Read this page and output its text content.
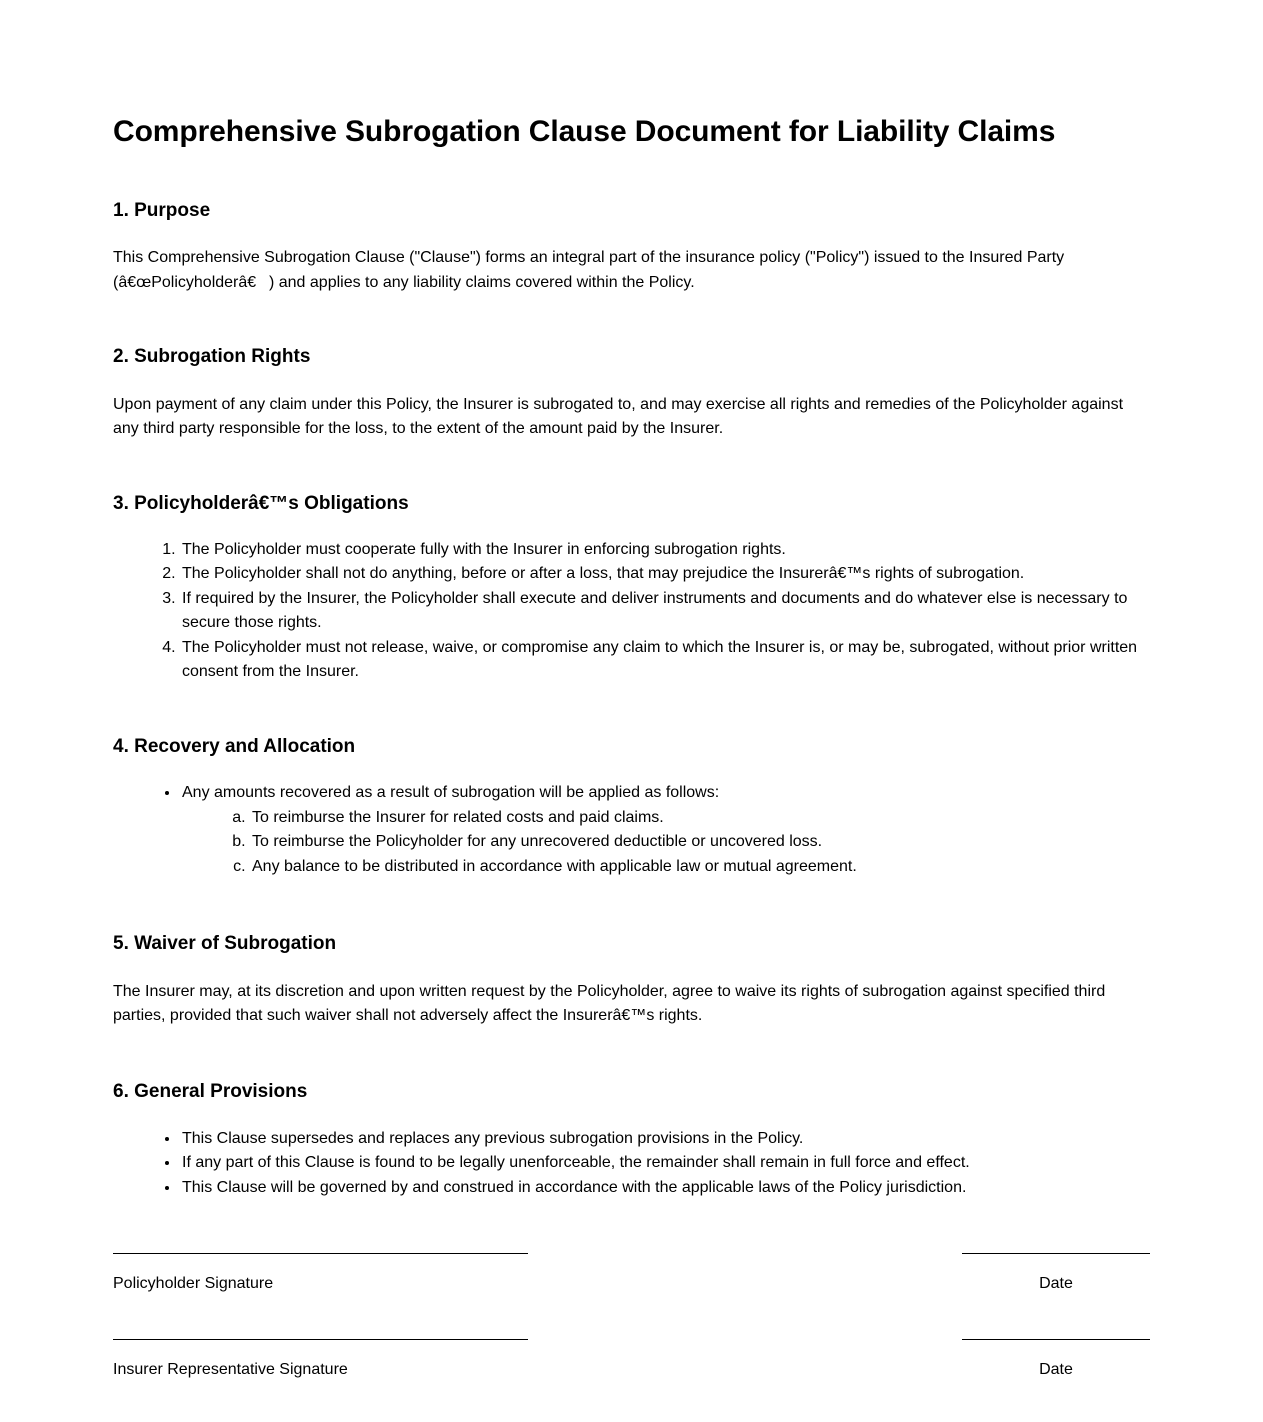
Comprehensive Subrogation Clause Document for Liability Claims
1. Purpose

This Comprehensive Subrogation Clause ("Clause") forms an integral part of the insurance policy ("Policy") issued to the Insured Party (â€œPolicyholderâ€) and applies to any liability claims covered within the Policy.

2. Subrogation Rights

Upon payment of any claim under this Policy, the Insurer is subrogated to, and may exercise all rights and remedies of the Policyholder against any third party responsible for the loss, to the extent of the amount paid by the Insurer.

3. Policyholderâ€™s Obligations
1. The Policyholder must cooperate fully with the Insurer in enforcing subrogation rights.
2. The Policyholder shall not do anything, before or after a loss, that may prejudice the Insurerâ€™s rights of subrogation.
3. If required by the Insurer, the Policyholder shall execute and deliver instruments and documents and do whatever else is necessary to secure those rights.
4. The Policyholder must not release, waive, or compromise any claim to which the Insurer is, or may be, subrogated, without prior written consent from the Insurer.
4. Recovery and Allocation
• Any amounts recovered as a result of subrogation will be applied as follows:
a. To reimburse the Insurer for related costs and paid claims.
b. To reimburse the Policyholder for any unrecovered deductible or uncovered loss.
c. Any balance to be distributed in accordance with applicable law or mutual agreement.
5. Waiver of Subrogation

The Insurer may, at its discretion and upon written request by the Policyholder, agree to waive its rights of subrogation against specified third parties, provided that such waiver shall not adversely affect the Insurerâ€™s rights.

6. General Provisions
• This Clause supersedes and replaces any previous subrogation provisions in the Policy.
• If any part of this Clause is found to be legally unenforceable, the remainder shall remain in full force and effect.
• This Clause will be governed by and construed in accordance with the applicable laws of the Policy jurisdiction.
Policyholder Signature	Date
Insurer Representative Signature	Date
